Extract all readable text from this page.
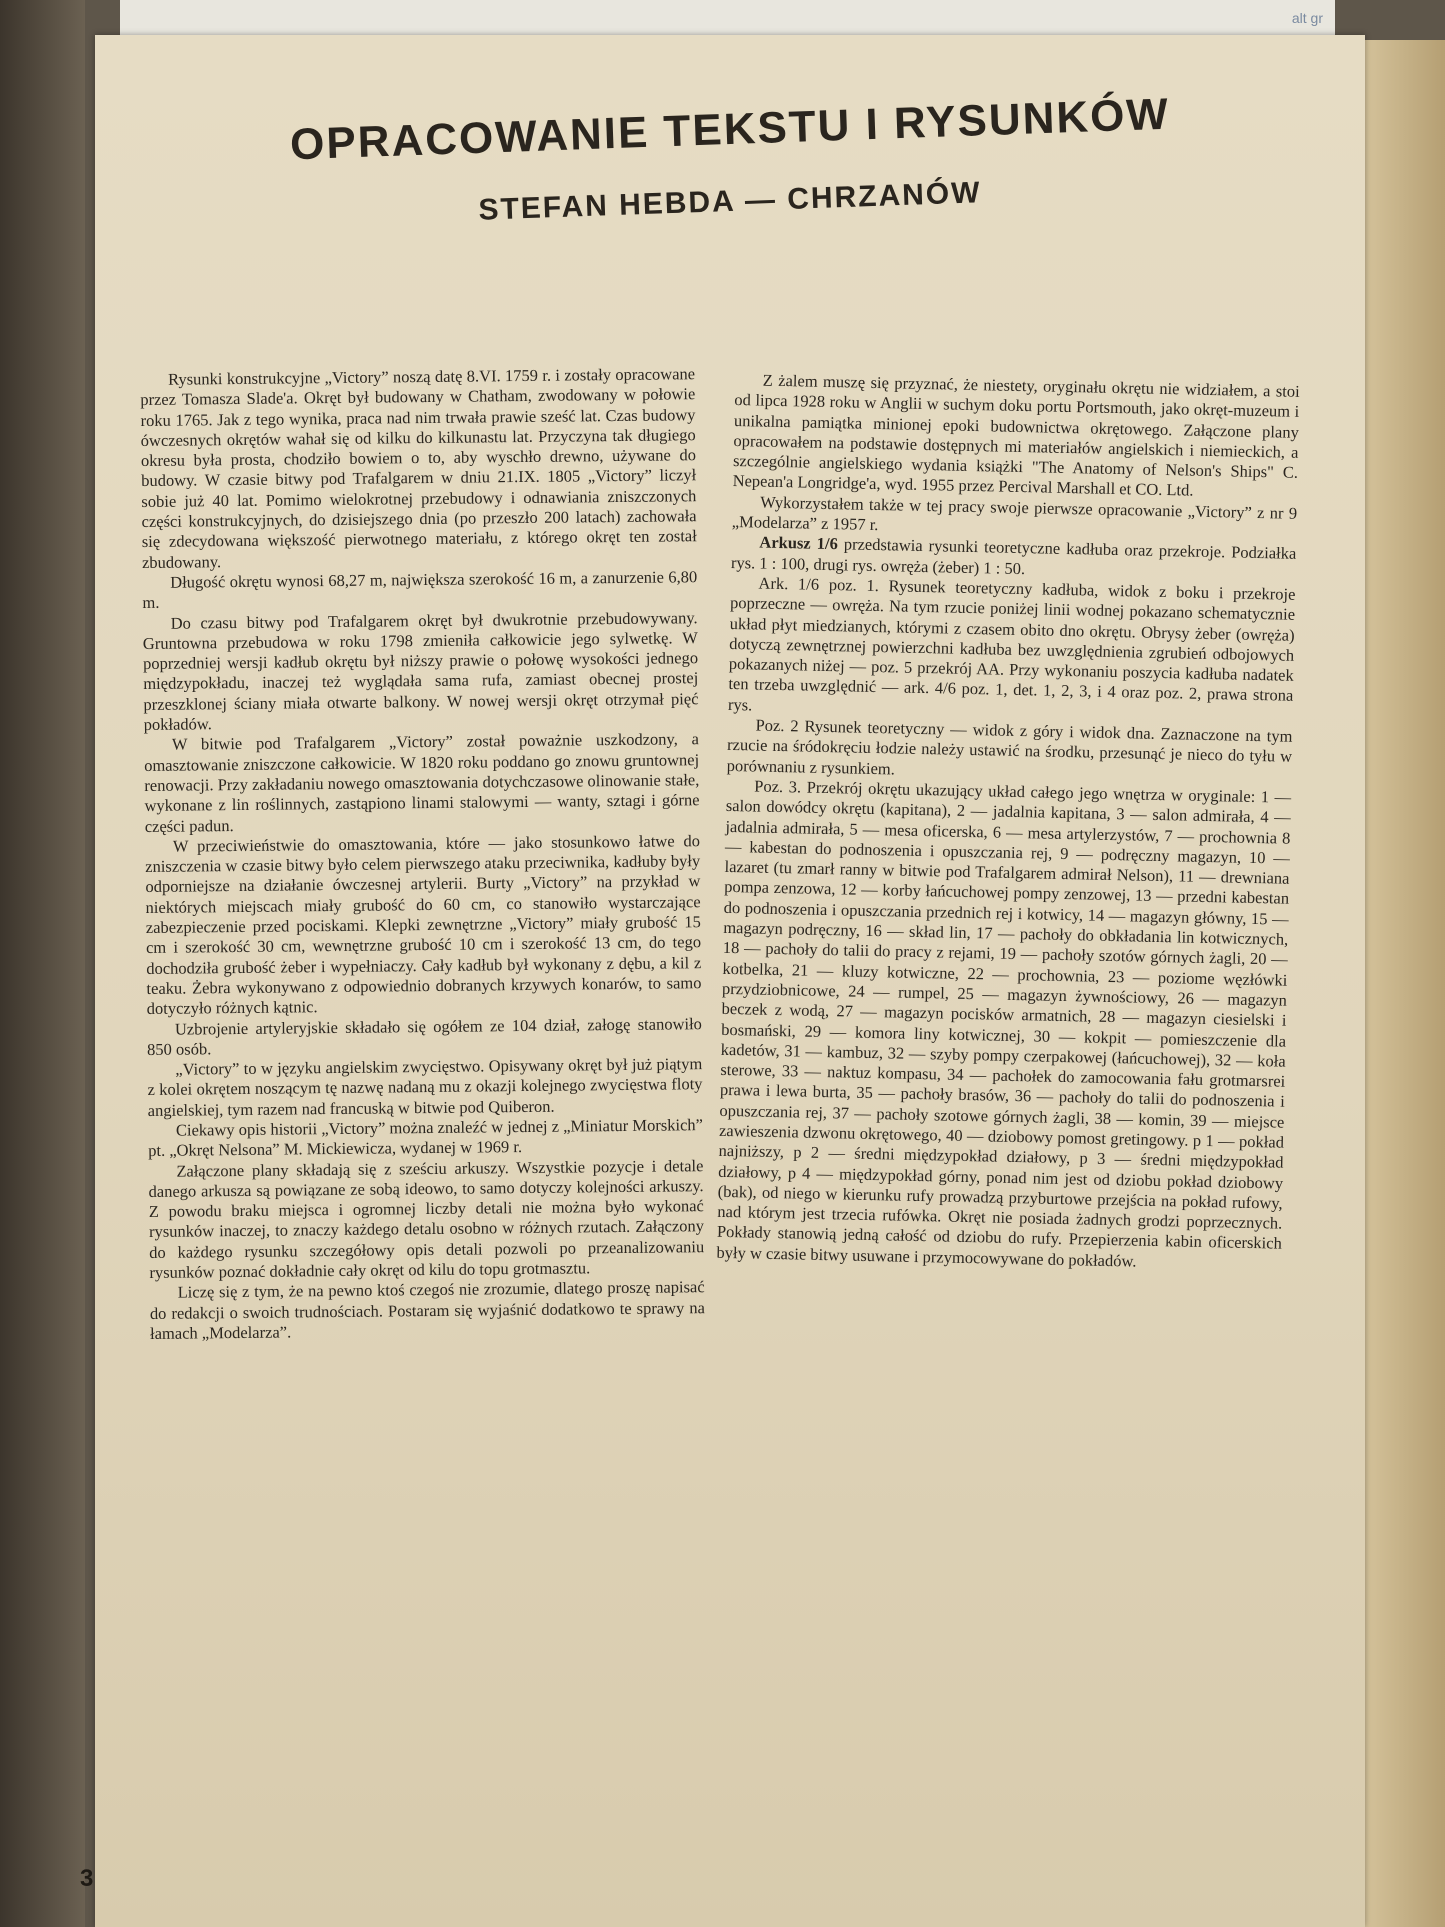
alt gr
OPRACOWANIE TEKSTU I RYSUNKÓW
STEFAN HEBDA — CHRZANÓW

Rysunki konstrukcyjne „Victory” noszą datę 8.VI. 1759 r. i zostały opracowane przez Tomasza Slade'a. Okręt był budowany w Chatham, zwodowany w połowie roku 1765. Jak z tego wynika, praca nad nim trwała prawie sześć lat. Czas budowy ówczesnych okrętów wahał się od kilku do kilkunastu lat. Przyczyna tak długiego okresu była prosta, chodziło bowiem o to, aby wyschło drewno, używane do budowy. W czasie bitwy pod Trafalgarem w dniu 21.IX. 1805 „Victory” liczył sobie już 40 lat. Pomimo wielokrotnej przebudowy i odnawiania zniszczonych części konstrukcyjnych, do dzisiejszego dnia (po przeszło 200 latach) zachowała się zdecydowana większość pierwotnego materiału, z którego okręt ten został zbudowany.

Długość okrętu wynosi 68,27 m, największa szerokość 16 m, a zanurzenie 6,80 m.

Do czasu bitwy pod Trafalgarem okręt był dwukrotnie przebudowywany. Gruntowna przebudowa w roku 1798 zmieniła całkowicie jego sylwetkę. W poprzedniej wersji kadłub okrętu był niższy prawie o połowę wysokości jednego międzypokładu, inaczej też wyglądała sama rufa, zamiast obecnej prostej przeszklonej ściany miała otwarte balkony. W nowej wersji okręt otrzymał pięć pokładów.

W bitwie pod Trafalgarem „Victory” został poważnie uszkodzony, a omasztowanie zniszczone całkowicie. W 1820 roku poddano go znowu gruntownej renowacji. Przy zakładaniu nowego omasztowania dotychczasowe olinowanie stałe, wykonane z lin roślinnych, zastąpiono linami stalowymi — wanty, sztagi i górne części padun.

W przeciwieństwie do omasztowania, które — jako stosunkowo łatwe do zniszczenia w czasie bitwy było celem pierwszego ataku przeciwnika, kadłuby były odporniejsze na działanie ówczesnej artylerii. Burty „Victory” na przykład w niektórych miejscach miały grubość do 60 cm, co stanowiło wystarczające zabezpieczenie przed pociskami. Klepki zewnętrzne „Victory” miały grubość 15 cm i szerokość 30 cm, wewnętrzne grubość 10 cm i szerokość 13 cm, do tego dochodziła grubość żeber i wypełniaczy. Cały kadłub był wykonany z dębu, a kil z teaku. Żebra wykonywano z odpowiednio dobranych krzywych konarów, to samo dotyczyło różnych kątnic.

Uzbrojenie artyleryjskie składało się ogółem ze 104 dział, załogę stanowiło 850 osób.

„Victory” to w języku angielskim zwycięstwo. Opisywany okręt był już piątym z kolei okrętem noszącym tę nazwę nadaną mu z okazji kolejnego zwycięstwa floty angielskiej, tym razem nad francuską w bitwie pod Quiberon.

Ciekawy opis historii „Victory” można znaleźć w jednej z „Miniatur Morskich” pt. „Okręt Nelsona” M. Mickiewicza, wydanej w 1969 r.

Załączone plany składają się z sześciu arkuszy. Wszystkie pozycje i detale danego arkusza są powiązane ze sobą ideowo, to samo dotyczy kolejności arkuszy. Z powodu braku miejsca i ogromnej liczby detali nie można było wykonać rysunków inaczej, to znaczy każdego detalu osobno w różnych rzutach. Załączony do każdego rysunku szczegółowy opis detali pozwoli po przeanalizowaniu rysunków poznać dokładnie cały okręt od kilu do topu grotmasztu.

Liczę się z tym, że na pewno ktoś czegoś nie zrozumie, dlatego proszę napisać do redakcji o swoich trudnościach. Postaram się wyjaśnić dodatkowo te sprawy na łamach „Modelarza”.

Z żalem muszę się przyznać, że niestety, oryginału okrętu nie widziałem, a stoi od lipca 1928 roku w Anglii w suchym doku portu Portsmouth, jako okręt-muzeum i unikalna pamiątka minionej epoki budownictwa okrętowego. Załączone plany opracowałem na podstawie dostępnych mi materiałów angielskich i niemieckich, a szczególnie angielskiego wydania książki "The Anatomy of Nelson's Ships" C. Nepean'a Longridge'a, wyd. 1955 przez Percival Marshall et CO. Ltd.

Wykorzystałem także w tej pracy swoje pierwsze opracowanie „Victory” z nr 9 „Modelarza” z 1957 r.

Arkusz 1/6 przedstawia rysunki teoretyczne kadłuba oraz przekroje. Podziałka rys. 1 : 100, drugi rys. owręża (żeber) 1 : 50.

Ark. 1/6 poz. 1. Rysunek teoretyczny kadłuba, widok z boku i przekroje poprzeczne — owręża. Na tym rzucie poniżej linii wodnej pokazano schematycznie układ płyt miedzianych, którymi z czasem obito dno okrętu. Obrysy żeber (owręża) dotyczą zewnętrznej powierzchni kadłuba bez uwzględnienia zgrubień odbojowych pokazanych niżej — poz. 5 przekrój AA. Przy wykonaniu poszycia kadłuba nadatek ten trzeba uwzględnić — ark. 4/6 poz. 1, det. 1, 2, 3, i 4 oraz poz. 2, prawa strona rys.

Poz. 2 Rysunek teoretyczny — widok z góry i widok dna. Zaznaczone na tym rzucie na śródokręciu łodzie należy ustawić na środku, przesunąć je nieco do tyłu w porównaniu z rysunkiem.

Poz. 3. Przekrój okrętu ukazujący układ całego jego wnętrza w oryginale: 1 — salon dowódcy okrętu (kapitana), 2 — jadalnia kapitana, 3 — salon admirała, 4 — jadalnia admirała, 5 — mesa oficerska, 6 — mesa artylerzystów, 7 — prochownia 8 — kabestan do podnoszenia i opuszczania rej, 9 — podręczny magazyn, 10 — lazaret (tu zmarł ranny w bitwie pod Trafalgarem admirał Nelson), 11 — drewniana pompa zenzowa, 12 — korby łańcuchowej pompy zenzowej, 13 — przedni kabestan do podnoszenia i opuszczania przednich rej i kotwicy, 14 — magazyn główny, 15 — magazyn podręczny, 16 — skład lin, 17 — pachoły do obkładania lin kotwicznych, 18 — pachoły do talii do pracy z rejami, 19 — pachoły szotów górnych żagli, 20 — kotbelka, 21 — kluzy kotwiczne, 22 — prochownia, 23 — poziome węzłówki przydziobnicowe, 24 — rumpel, 25 — magazyn żywnościowy, 26 — magazyn beczek z wodą, 27 — magazyn pocisków armatnich, 28 — magazyn ciesielski i bosmański, 29 — komora liny kotwicznej, 30 — kokpit — pomieszczenie dla kadetów, 31 — kambuz, 32 — szyby pompy czerpakowej (łańcuchowej), 32 — koła sterowe, 33 — naktuz kompasu, 34 — pachołek do zamocowania fału grotmarsrei prawa i lewa burta, 35 — pachoły brasów, 36 — pachoły do talii do podnoszenia i opuszczania rej, 37 — pachoły szotowe górnych żagli, 38 — komin, 39 — miejsce zawieszenia dzwonu okrętowego, 40 — dziobowy pomost gretingowy. p 1 — pokład najniższy, p 2 — średni międzypokład działowy, p 3 — średni międzypokład działowy, p 4 — międzypokład górny, ponad nim jest od dziobu pokład dziobowy (bak), od niego w kierunku rufy prowadzą przyburtowe przejścia na pokład rufowy, nad którym jest trzecia rufówka. Okręt nie posiada żadnych grodzi poprzecznych. Pokłady stanowią jedną całość od dziobu do rufy. Przepierzenia kabin oficerskich były w czasie bitwy usuwane i przymocowywane do pokładów.

3
